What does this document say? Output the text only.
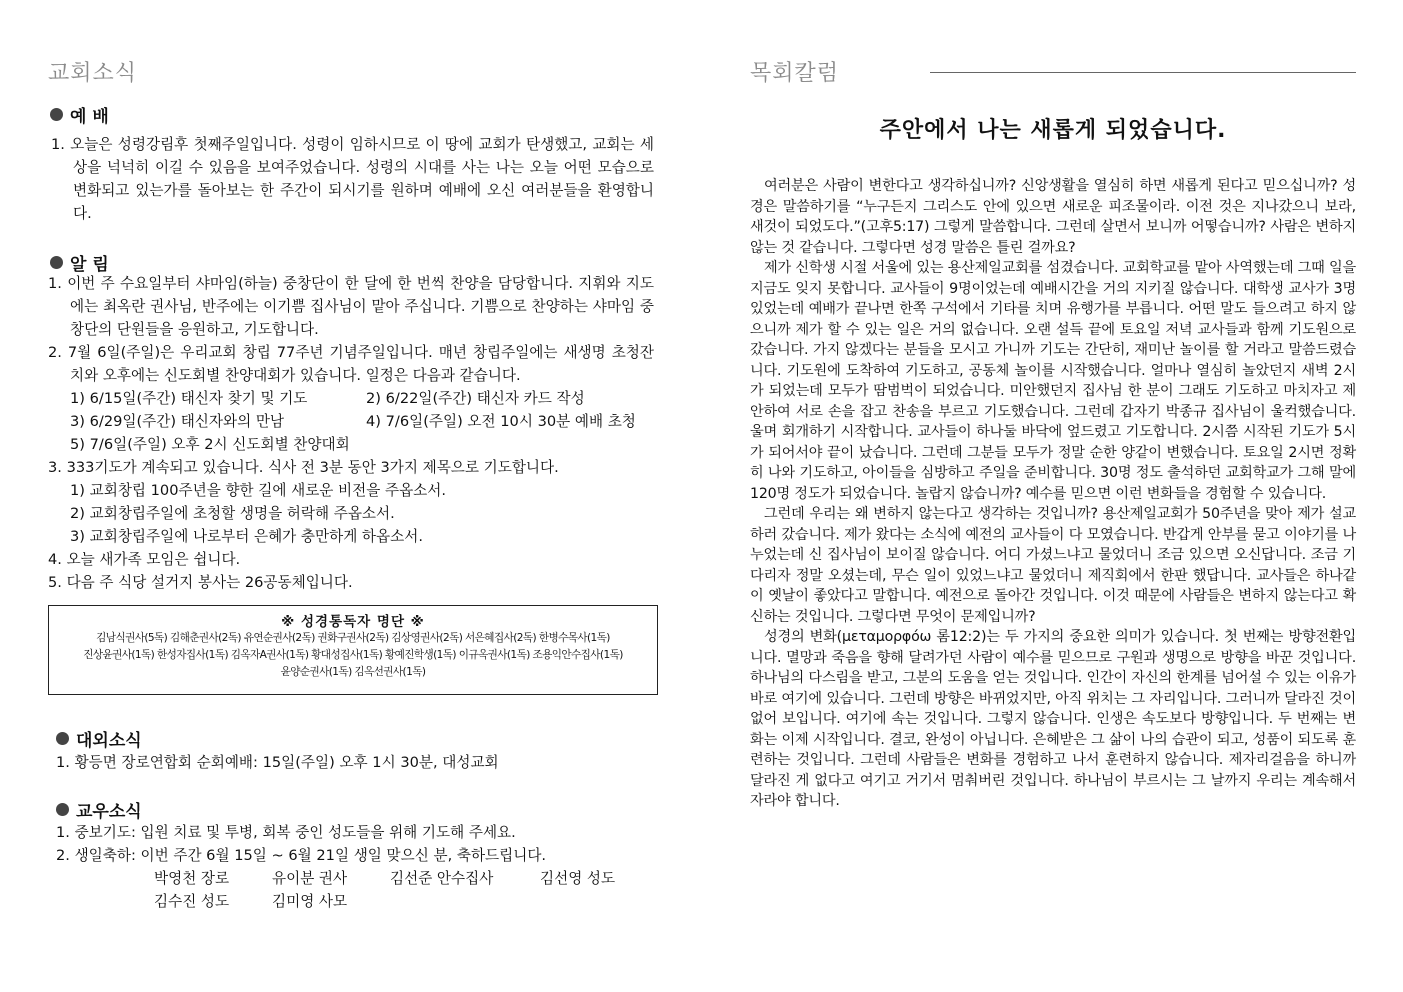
교회소식
예 배
1. 오늘은 성령강림후 첫째주일입니다. 성령이 임하시므로 이 땅에 교회가 탄생했고, 교회는 세상을 넉넉히 이길 수 있음을 보여주었습니다. 성령의 시대를 사는 나는 오늘 어떤 모습으로 변화되고 있는가를 돌아보는 한 주간이 되시기를 원하며 예배에 오신 여러분들을 환영합니다.
알 림
1. 이번 주 수요일부터 샤마임(하늘) 중창단이 한 달에 한 번씩 찬양을 담당합니다. 지휘와 지도에는 최옥란 권사님, 반주에는 이기쁨 집사님이 맡아 주십니다. 기쁨으로 찬양하는 샤마임 중창단의 단원들을 응원하고, 기도합니다.
2. 7월 6일(주일)은 우리교회 창립 77주년 기념주일입니다. 매년 창립주일에는 새생명 초청잔치와 오후에는 신도회별 찬양대회가 있습니다. 일정은 다음과 같습니다.
1) 6/15일(주간) 태신자 찾기 및 기도	2) 6/22일(주간) 태신자 카드 작성
3) 6/29일(주간) 태신자와의 만남	4) 7/6일(주일) 오전 10시 30분 예배 초청
5) 7/6일(주일) 오후 2시 신도회별 찬양대회
3. 333기도가 계속되고 있습니다. 식사 전 3분 동안 3가지 제목으로 기도합니다.
1) 교회창립 100주년을 향한 길에 새로운 비전을 주옵소서.
2) 교회창립주일에 초청할 생명을 허락해 주옵소서.
3) 교회창립주일에 나로부터 은혜가 충만하게 하옵소서.
4. 오늘 새가족 모임은 쉽니다.
5. 다음 주 식당 설거지 봉사는 26공동체입니다.
※ 성경통독자 명단 ※
김남식권사(5독) 김해춘권사(2독) 유연순권사(2독) 권화구권사(2독) 김상영권사(2독) 서은혜집사(2독) 한병수목사(1독)
진상윤권사(1독) 한성자집사(1독) 김옥자A권사(1독) 황대성집사(1독) 황예진학생(1독) 이규옥권사(1독) 조용익안수집사(1독)
윤양순권사(1독) 김옥선권사(1독)
대외소식
1. 황등면 장로연합회 순회예배: 15일(주일) 오후 1시 30분, 대성교회
교우소식
1. 중보기도: 입원 치료 및 투병, 회복 중인 성도들을 위해 기도해 주세요.
2. 생일축하: 이번 주간 6월 15일 ~ 6월 21일 생일 맞으신 분, 축하드립니다.
박영천 장로	유이분 권사	김선준 안수집사	김선영 성도
김수진 성도	김미영 사모
목회칼럼
주안에서 나는 새롭게 되었습니다.

여러분은 사람이 변한다고 생각하십니까? 신앙생활을 열심히 하면 새롭게 된다고 믿으십니까? 성경은 말씀하기를 “누구든지 그리스도 안에 있으면 새로운 피조물이라. 이전 것은 지나갔으니 보라, 새것이 되었도다.”(고후5:17) 그렇게 말씀합니다. 그런데 살면서 보니까 어떻습니까? 사람은 변하지 않는 것 같습니다. 그렇다면 성경 말씀은 틀린 걸까요?

제가 신학생 시절 서울에 있는 용산제일교회를 섬겼습니다. 교회학교를 맡아 사역했는데 그때 일을 지금도 잊지 못합니다. 교사들이 9명이었는데 예배시간을 거의 지키질 않습니다. 대학생 교사가 3명 있었는데 예배가 끝나면 한쪽 구석에서 기타를 치며 유행가를 부릅니다. 어떤 말도 들으려고 하지 않으니까 제가 할 수 있는 일은 거의 없습니다. 오랜 설득 끝에 토요일 저녁 교사들과 함께 기도원으로 갔습니다. 가지 않겠다는 분들을 모시고 가니까 기도는 간단히, 재미난 놀이를 할 거라고 말씀드렸습니다. 기도원에 도착하여 기도하고, 공동체 놀이를 시작했습니다. 얼마나 열심히 놀았던지 새벽 2시가 되었는데 모두가 땀범벅이 되었습니다. 미안했던지 집사님 한 분이 그래도 기도하고 마치자고 제안하여 서로 손을 잡고 찬송을 부르고 기도했습니다. 그런데 갑자기 박종규 집사님이 울컥했습니다. 울며 회개하기 시작합니다. 교사들이 하나둘 바닥에 엎드렸고 기도합니다. 2시쯤 시작된 기도가 5시가 되어서야 끝이 났습니다. 그런데 그분들 모두가 정말 순한 양같이 변했습니다. 토요일 2시면 정확히 나와 기도하고, 아이들을 심방하고 주일을 준비합니다. 30명 정도 출석하던 교회학교가 그해 말에 120명 정도가 되었습니다. 놀랍지 않습니까? 예수를 믿으면 이런 변화들을 경험할 수 있습니다.

그런데 우리는 왜 변하지 않는다고 생각하는 것입니까? 용산제일교회가 50주년을 맞아 제가 설교하러 갔습니다. 제가 왔다는 소식에 예전의 교사들이 다 모였습니다. 반갑게 안부를 묻고 이야기를 나누었는데 신 집사님이 보이질 않습니다. 어디 가셨느냐고 물었더니 조금 있으면 오신답니다. 조금 기다리자 정말 오셨는데, 무슨 일이 있었느냐고 물었더니 제직회에서 한판 했답니다. 교사들은 하나같이 옛날이 좋았다고 말합니다. 예전으로 돌아간 것입니다. 이것 때문에 사람들은 변하지 않는다고 확신하는 것입니다. 그렇다면 무엇이 문제입니까?

성경의 변화(μεταμορφόω 롬12:2)는 두 가지의 중요한 의미가 있습니다. 첫 번째는 방향전환입니다. 멸망과 죽음을 향해 달려가던 사람이 예수를 믿으므로 구원과 생명으로 방향을 바꾼 것입니다. 하나님의 다스림을 받고, 그분의 도움을 얻는 것입니다. 인간이 자신의 한계를 넘어설 수 있는 이유가 바로 여기에 있습니다. 그런데 방향은 바뀌었지만, 아직 위치는 그 자리입니다. 그러니까 달라진 것이 없어 보입니다. 여기에 속는 것입니다. 그렇지 않습니다. 인생은 속도보다 방향입니다. 두 번째는 변화는 이제 시작입니다. 결코, 완성이 아닙니다. 은혜받은 그 삶이 나의 습관이 되고, 성품이 되도록 훈련하는 것입니다. 그런데 사람들은 변화를 경험하고 나서 훈련하지 않습니다. 제자리걸음을 하니까 달라진 게 없다고 여기고 거기서 멈춰버린 것입니다. 하나님이 부르시는 그 날까지 우리는 계속해서 자라야 합니다.
